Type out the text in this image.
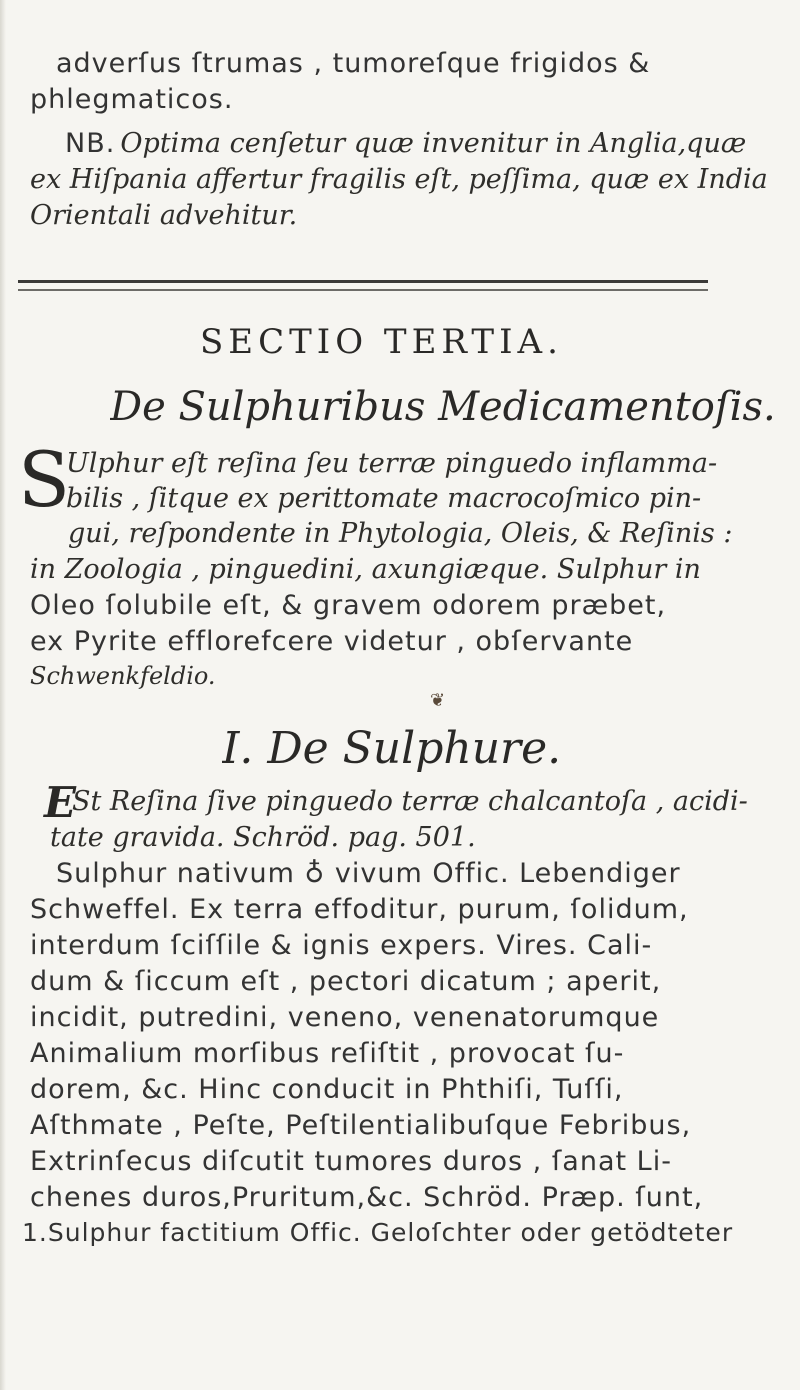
adverſus ſtrumas , tumoreſque frigidos &
phlegmaticos.
NB. Optima cenſetur quæ invenitur in Anglia,quæ
ex Hiſpania affertur fragilis eſt, peſſima, quæ ex India
Orientali advehitur.
SECTIO TERTIA.
De Sulphuribus Medicamentoſis.
S
Ulphur eſt reſina ſeu terræ pinguedo inflamma-
bilis , ſitque ex perittomate macrocoſmico pin-
gui, reſpondente in Phytologia, Oleis, & Reſinis :
in Zoologia , pinguedini, axungiæque. Sulphur in
Oleo ſolubile eſt, & gravem odorem præbet,
ex Pyrite efflorefcere videtur , obſervante
Schwenkfeldio.
❦
I. De Sulphure.
E
St Reſina ſive pinguedo terræ chalcantoſa , acidi-
tate gravida. Schröd. pag. 501.
Sulphur nativum ♁ vivum Offic. Lebendiger
Schweffel. Ex terra effoditur, purum, ſolidum,
interdum ſciſſile & ignis expers. Vires. Cali-
dum & ſiccum eſt , pectori dicatum ; aperit,
incidit, putredini, veneno, venenatorumque
Animalium morſibus reſiſtit , provocat ſu-
dorem, &c. Hinc conducit in Phthiſi, Tuſſi,
Aſthmate , Peſte, Peſtilentialibuſque Febribus,
Extrinſecus diſcutit tumores duros , ſanat Li-
chenes duros,Pruritum,&c. Schröd. Præp. ſunt,
1.Sulphur factitium Offic. Geloſchter oder getödteter
